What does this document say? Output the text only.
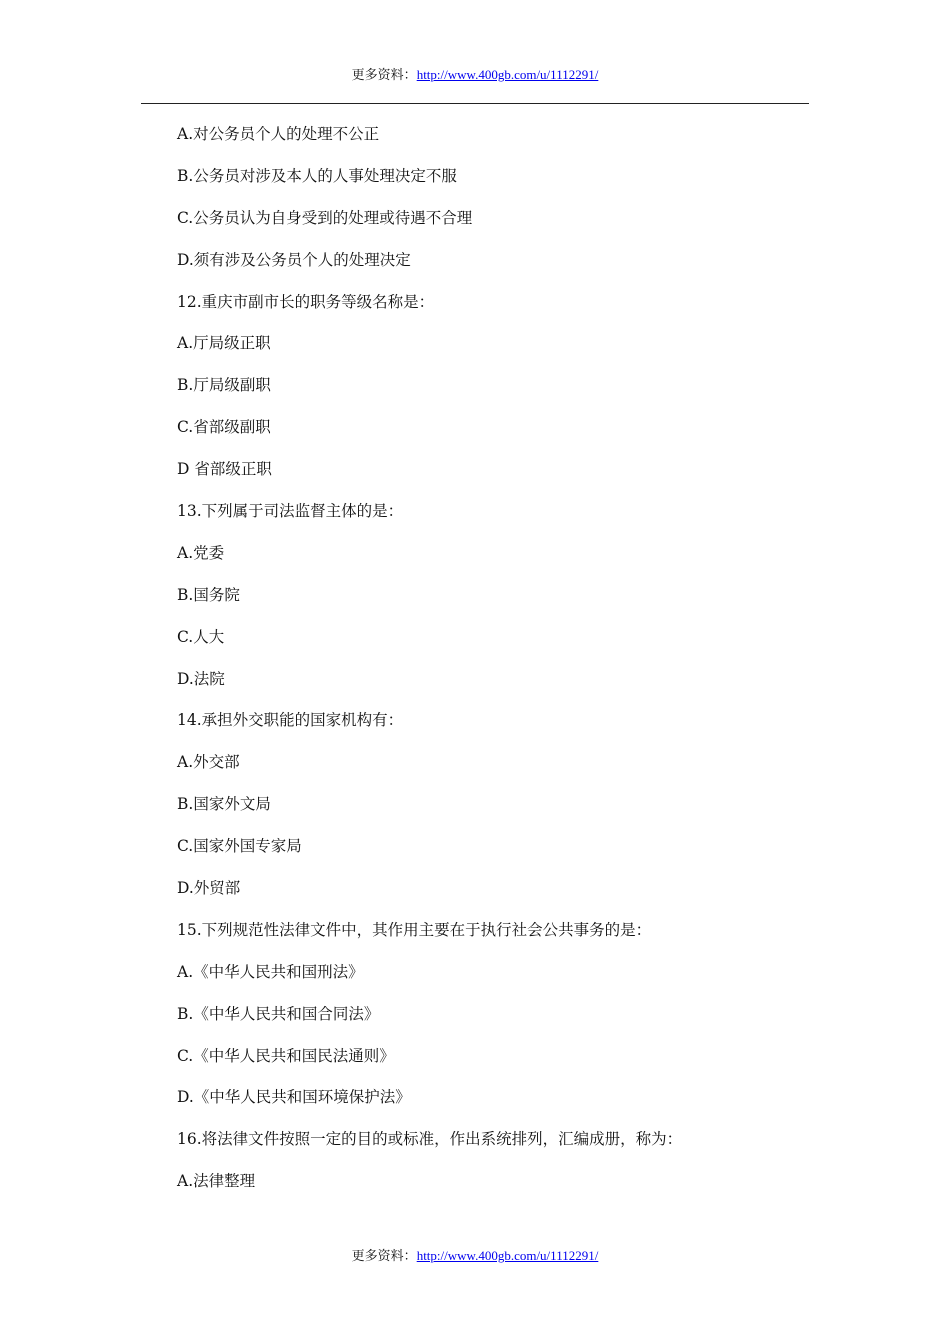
更多资料：http://www.400gb.com/u/1112291/
A.对公务员个人的处理不公正
B.公务员对涉及本人的人事处理决定不服
C.公务员认为自身受到的处理或待遇不合理
D.须有涉及公务员个人的处理决定
12.重庆市副市长的职务等级名称是：
A.厅局级正职
B.厅局级副职
C.省部级副职
D 省部级正职
13.下列属于司法监督主体的是：
A.党委
B.国务院
C.人大
D.法院
14.承担外交职能的国家机构有：
A.外交部
B.国家外文局
C.国家外国专家局
D.外贸部
15.下列规范性法律文件中，其作用主要在于执行社会公共事务的是：
A.《中华人民共和国刑法》
B.《中华人民共和国合同法》
C.《中华人民共和国民法通则》
D.《中华人民共和国环境保护法》
16.将法律文件按照一定的目的或标准，作出系统排列，汇编成册，称为：
A.法律整理
更多资料：http://www.400gb.com/u/1112291/
